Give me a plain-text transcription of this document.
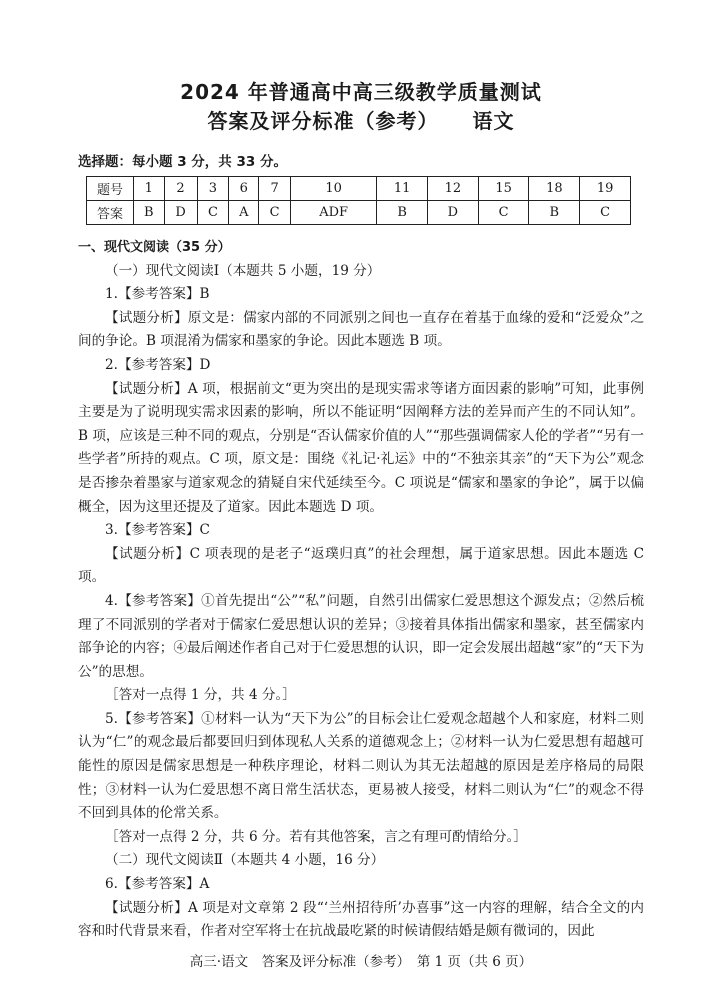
2024 年普通高中高三级教学质量测试
答案及评分标准（参考） 语文
选择题：每小题 3 分，共 33 分。
题号	1	2	3	6	7	10	11	12	15	18	19
答案	B	D	C	A	C	ADF	B	D	C	B	C

一、现代文阅读（35 分）

（一）现代文阅读Ⅰ（本题共 5 小题，19 分）

1.【参考答案】B

【试题分析】原文是：儒家内部的不同派别之间也一直存在着基于血缘的爱和“泛爱众”之间的争论。B 项混淆为儒家和墨家的争论。因此本题选 B 项。

2.【参考答案】D

【试题分析】A 项，根据前文“更为突出的是现实需求等诸方面因素的影响”可知，此事例主要是为了说明现实需求因素的影响，所以不能证明“因阐释方法的差异而产生的不同认知”。B 项，应该是三种不同的观点，分别是“否认儒家价值的人”“那些强调儒家人伦的学者”“另有一些学者”所持的观点。C 项，原文是：围绕《礼记·礼运》中的“不独亲其亲”的“天下为公”观念是否掺杂着墨家与道家观念的猜疑自宋代延续至今。C 项说是“儒家和墨家的争论”，属于以偏概全，因为这里还提及了道家。因此本题选 D 项。

3.【参考答案】C

【试题分析】C 项表现的是老子“返璞归真”的社会理想，属于道家思想。因此本题选 C 项。

4.【参考答案】①首先提出“公”“私”问题，自然引出儒家仁爱思想这个源发点；②然后梳理了不同派别的学者对于儒家仁爱思想认识的差异；③接着具体指出儒家和墨家，甚至儒家内部争论的内容；④最后阐述作者自己对于仁爱思想的认识，即一定会发展出超越“家”的“天下为公”的思想。

［答对一点得 1 分，共 4 分。］

5.【参考答案】①材料一认为“天下为公”的目标会让仁爱观念超越个人和家庭，材料二则认为“仁”的观念最后都要回归到体现私人关系的道德观念上；②材料一认为仁爱思想有超越可能性的原因是儒家思想是一种秩序理论，材料二则认为其无法超越的原因是差序格局的局限性；③材料一认为仁爱思想不离日常生活状态，更易被人接受，材料二则认为“仁”的观念不得不回到具体的伦常关系。

［答对一点得 2 分，共 6 分。若有其他答案，言之有理可酌情给分。］

（二）现代文阅读Ⅱ（本题共 4 小题，16 分）

6.【参考答案】A

【试题分析】A 项是对文章第 2 段“‘兰州招待所’办喜事”这一内容的理解，结合全文的内容和时代背景来看，作者对空军将士在抗战最吃紧的时候请假结婚是颇有微词的，因此

高三·语文　答案及评分标准（参考）　第 1 页（共 6 页）
